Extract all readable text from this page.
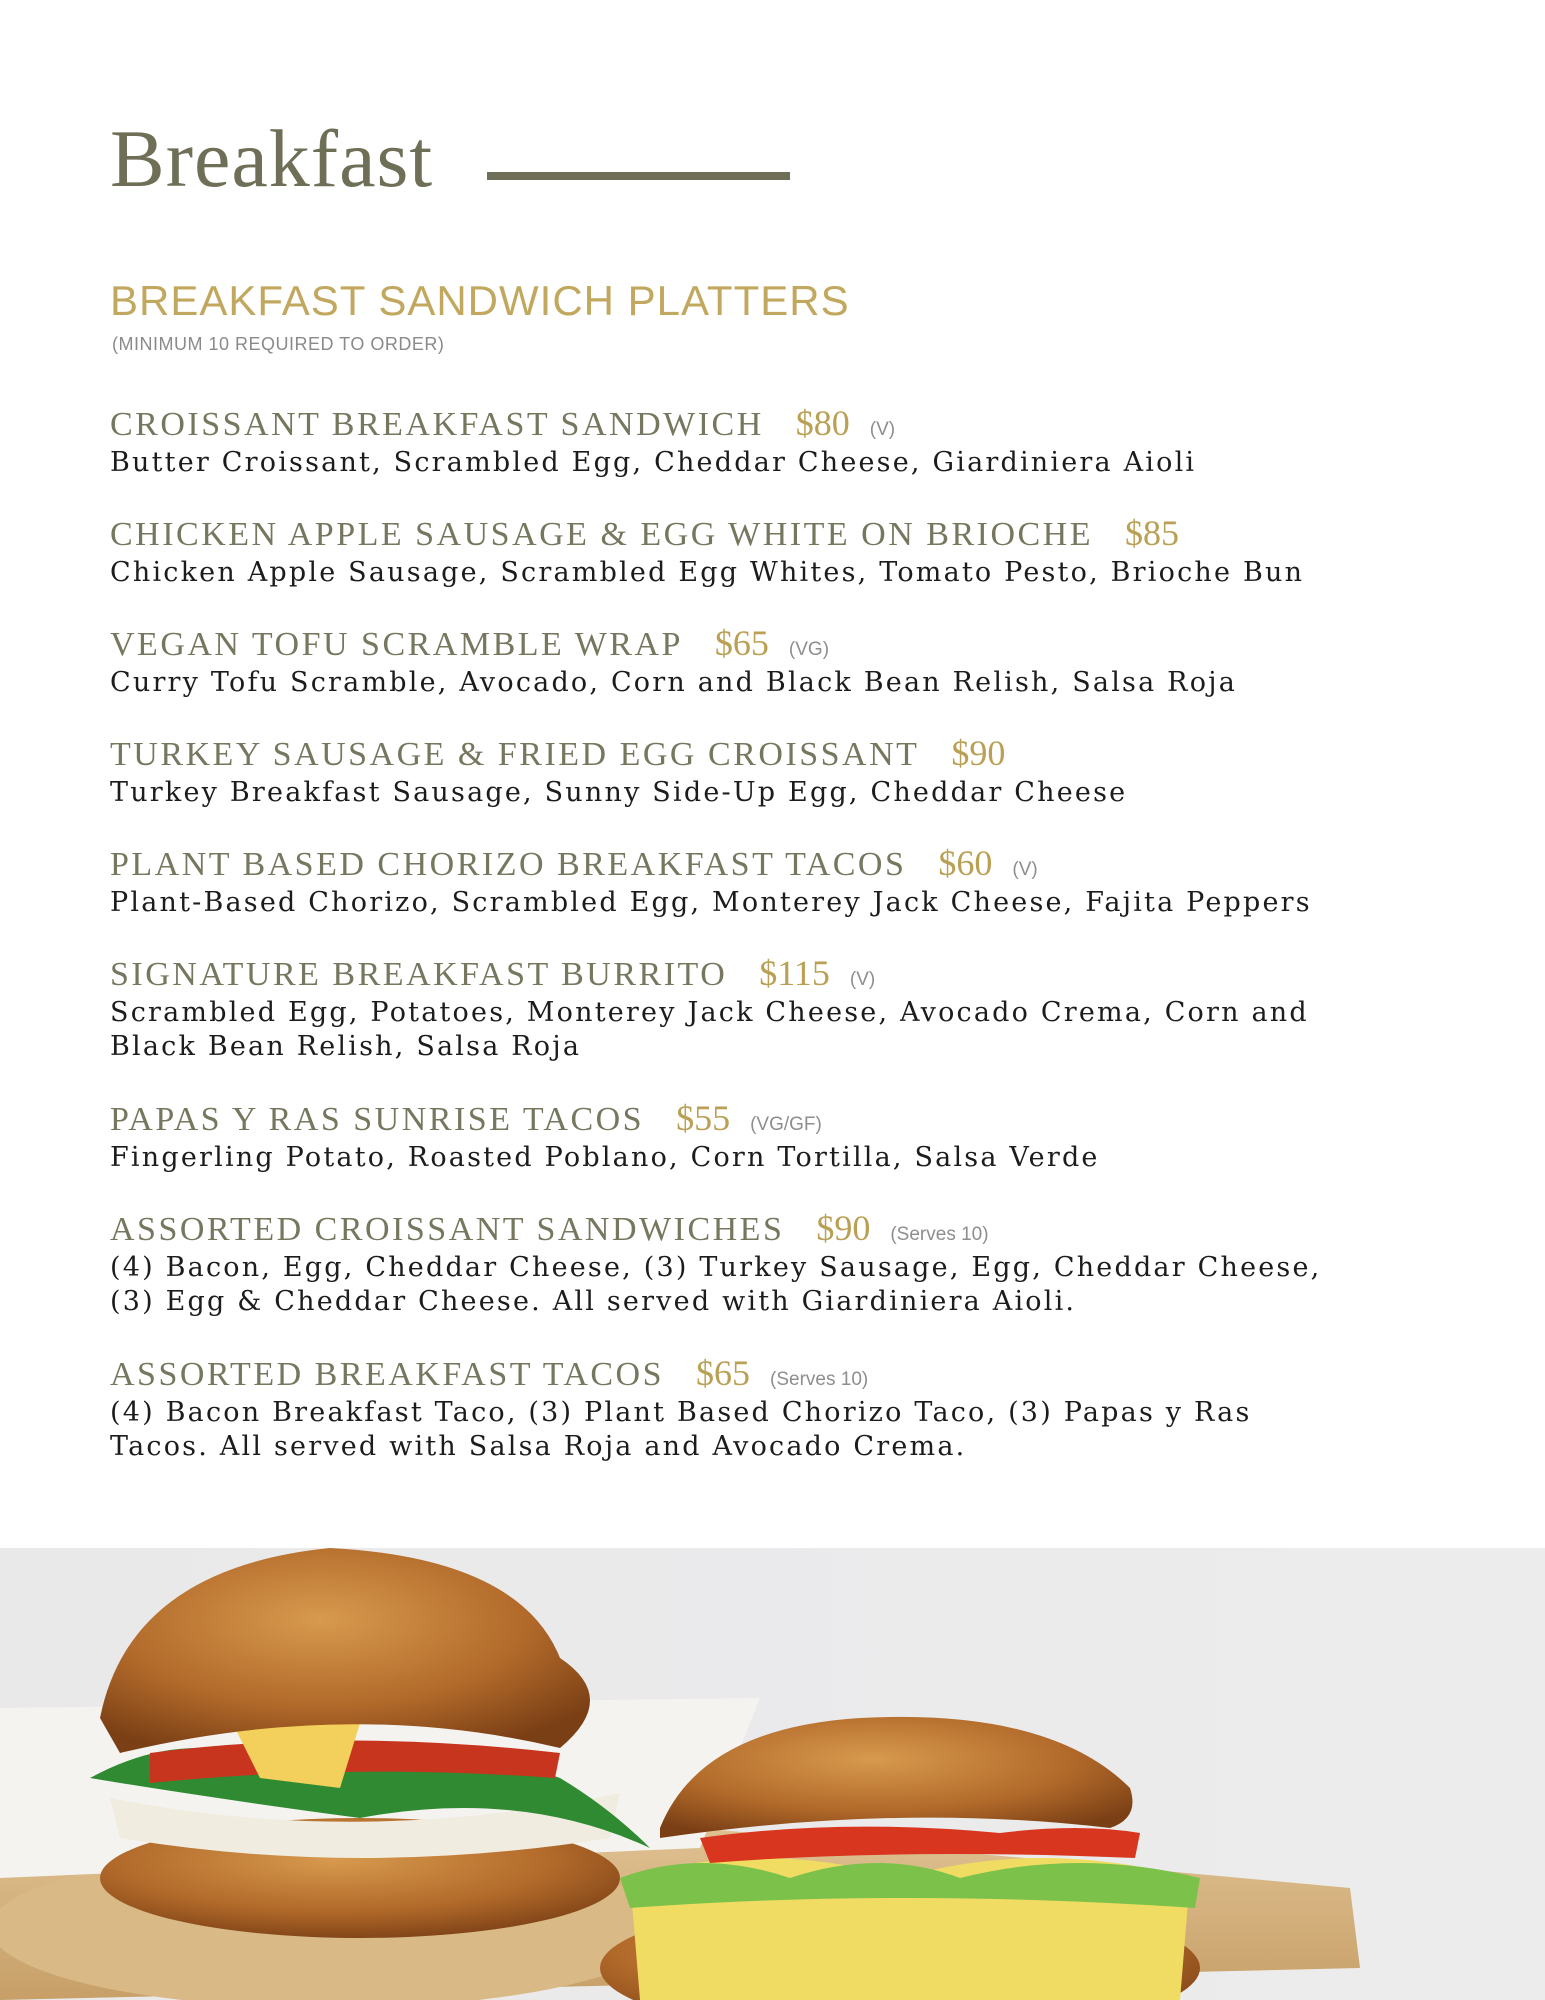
Breakfast
BREAKFAST SANDWICH PLATTERS
(MINIMUM 10 REQUIRED TO ORDER)
CROISSANT BREAKFAST SANDWICH $80 (V)
Butter Croissant, Scrambled Egg, Cheddar Cheese, Giardiniera Aioli
CHICKEN APPLE SAUSAGE & EGG WHITE ON BRIOCHE $85
Chicken Apple Sausage, Scrambled Egg Whites, Tomato Pesto, Brioche Bun
VEGAN TOFU SCRAMBLE WRAP $65 (VG)
Curry Tofu Scramble, Avocado, Corn and Black Bean Relish, Salsa Roja
TURKEY SAUSAGE & FRIED EGG CROISSANT $90
Turkey Breakfast Sausage, Sunny Side-Up Egg, Cheddar Cheese
PLANT BASED CHORIZO BREAKFAST TACOS $60 (V)
Plant-Based Chorizo, Scrambled Egg, Monterey Jack Cheese, Fajita Peppers
SIGNATURE BREAKFAST BURRITO $115 (V)
Scrambled Egg, Potatoes, Monterey Jack Cheese, Avocado Crema, Corn and Black Bean Relish, Salsa Roja
PAPAS Y RAS SUNRISE TACOS $55 (VG/GF)
Fingerling Potato, Roasted Poblano, Corn Tortilla, Salsa Verde
ASSORTED CROISSANT SANDWICHES $90 (Serves 10)
(4) Bacon, Egg, Cheddar Cheese, (3) Turkey Sausage, Egg, Cheddar Cheese, (3) Egg & Cheddar Cheese. All served with Giardiniera Aioli.
ASSORTED BREAKFAST TACOS $65 (Serves 10)
(4) Bacon Breakfast Taco, (3) Plant Based Chorizo Taco, (3) Papas y Ras Tacos. All served with Salsa Roja and Avocado Crema.
